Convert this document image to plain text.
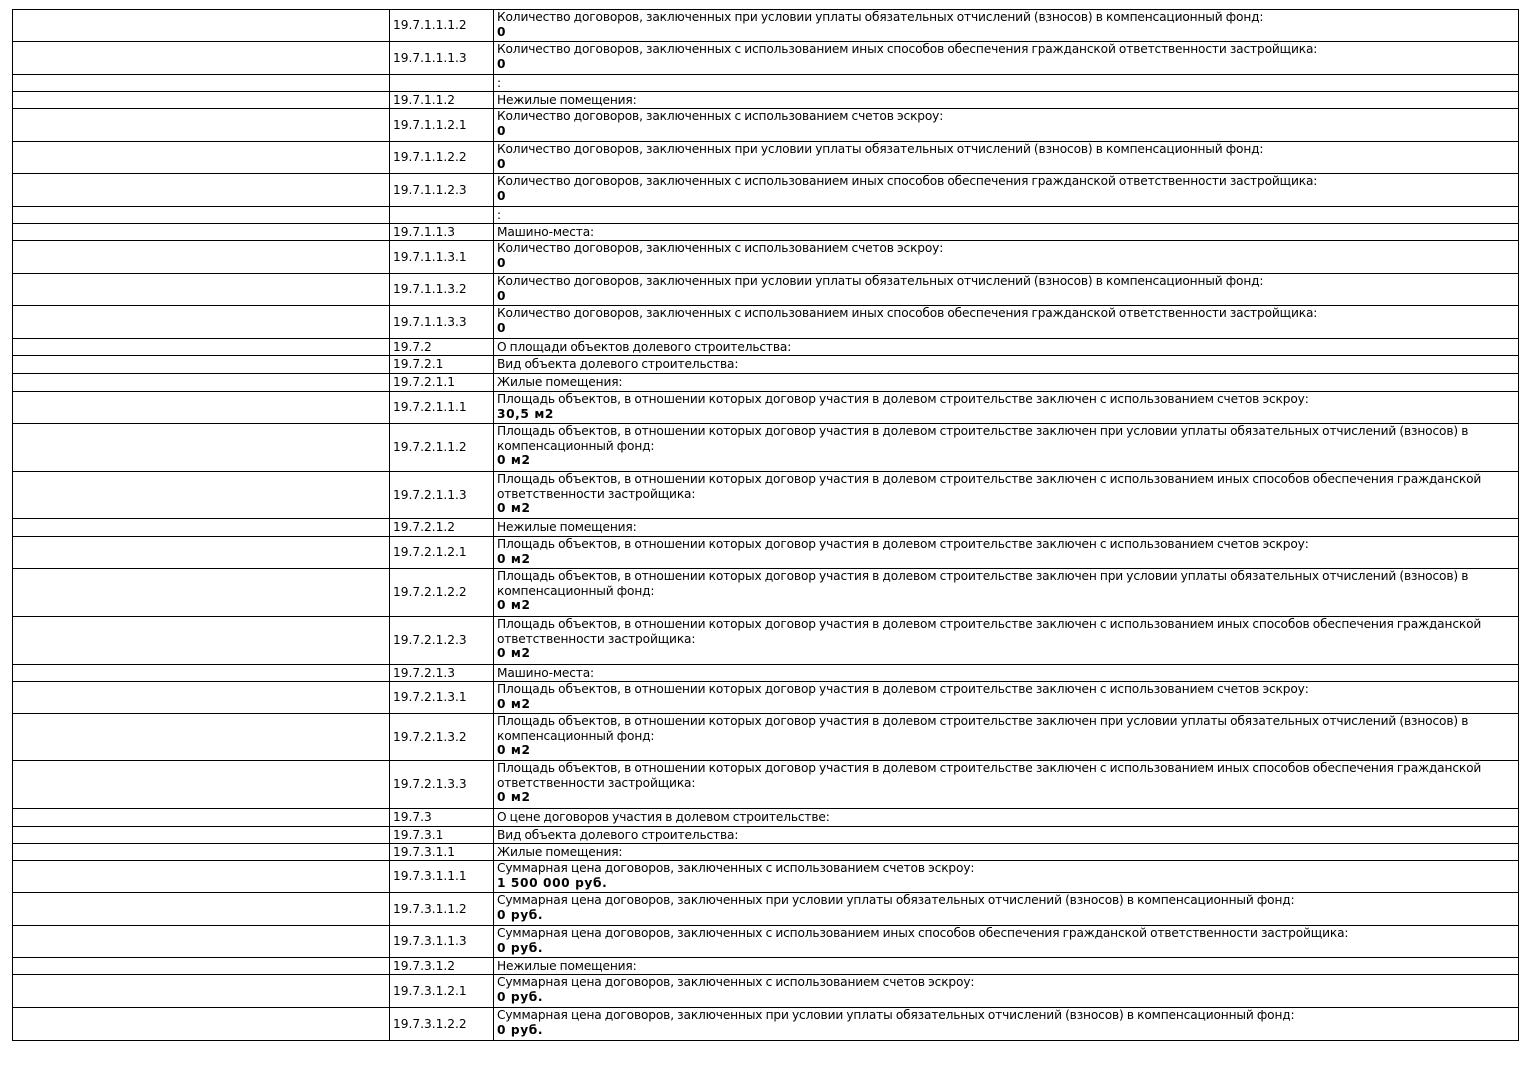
	19.7.1.1.1.2	Количество договоров, заключенных при условии уплаты обязательных отчислений (взносов) в компенсационный фонд:
0

	19.7.1.1.1.3	Количество договоров, заключенных с использованием иных способов обеспечения гражданской ответственности застройщика:
0

		:

	19.7.1.1.2	Нежилые помещения:

	19.7.1.1.2.1	Количество договоров, заключенных с использованием счетов эскроу:
0

	19.7.1.1.2.2	Количество договоров, заключенных при условии уплаты обязательных отчислений (взносов) в компенсационный фонд:
0

	19.7.1.1.2.3	Количество договоров, заключенных с использованием иных способов обеспечения гражданской ответственности застройщика:
0

		:

	19.7.1.1.3	Машино-места:

	19.7.1.1.3.1	Количество договоров, заключенных с использованием счетов эскроу:
0

	19.7.1.1.3.2	Количество договоров, заключенных при условии уплаты обязательных отчислений (взносов) в компенсационный фонд:
0

	19.7.1.1.3.3	Количество договоров, заключенных с использованием иных способов обеспечения гражданской ответственности застройщика:
0

	19.7.2	О площади объектов долевого строительства:

	19.7.2.1	Вид объекта долевого строительства:

	19.7.2.1.1	Жилые помещения:

	19.7.2.1.1.1	Площадь объектов, в отношении которых договор участия в долевом строительстве заключен с использованием счетов эскроу:
30,5 м2

	19.7.2.1.1.2	Площадь объектов, в отношении которых договор участия в долевом строительстве заключен при условии уплаты обязательных отчислений (взносов) в компенсационный фонд:
0 м2

	19.7.2.1.1.3	Площадь объектов, в отношении которых договор участия в долевом строительстве заключен с использованием иных способов обеспечения гражданской ответственности застройщика:
0 м2

	19.7.2.1.2	Нежилые помещения:

	19.7.2.1.2.1	Площадь объектов, в отношении которых договор участия в долевом строительстве заключен с использованием счетов эскроу:
0 м2

	19.7.2.1.2.2	Площадь объектов, в отношении которых договор участия в долевом строительстве заключен при условии уплаты обязательных отчислений (взносов) в компенсационный фонд:
0 м2

	19.7.2.1.2.3	Площадь объектов, в отношении которых договор участия в долевом строительстве заключен с использованием иных способов обеспечения гражданской ответственности застройщика:
0 м2

	19.7.2.1.3	Машино-места:

	19.7.2.1.3.1	Площадь объектов, в отношении которых договор участия в долевом строительстве заключен с использованием счетов эскроу:
0 м2

	19.7.2.1.3.2	Площадь объектов, в отношении которых договор участия в долевом строительстве заключен при условии уплаты обязательных отчислений (взносов) в компенсационный фонд:
0 м2

	19.7.2.1.3.3	Площадь объектов, в отношении которых договор участия в долевом строительстве заключен с использованием иных способов обеспечения гражданской ответственности застройщика:
0 м2

	19.7.3	О цене договоров участия в долевом строительстве:

	19.7.3.1	Вид объекта долевого строительства:

	19.7.3.1.1	Жилые помещения:

	19.7.3.1.1.1	Суммарная цена договоров, заключенных с использованием счетов эскроу:
1 500 000 руб.

	19.7.3.1.1.2	Суммарная цена договоров, заключенных при условии уплаты обязательных отчислений (взносов) в компенсационный фонд:
0 руб.

	19.7.3.1.1.3	Суммарная цена договоров, заключенных с использованием иных способов обеспечения гражданской ответственности застройщика:
0 руб.

	19.7.3.1.2	Нежилые помещения:

	19.7.3.1.2.1	Суммарная цена договоров, заключенных с использованием счетов эскроу:
0 руб.

	19.7.3.1.2.2	Суммарная цена договоров, заключенных при условии уплаты обязательных отчислений (взносов) в компенсационный фонд:
0 руб.
